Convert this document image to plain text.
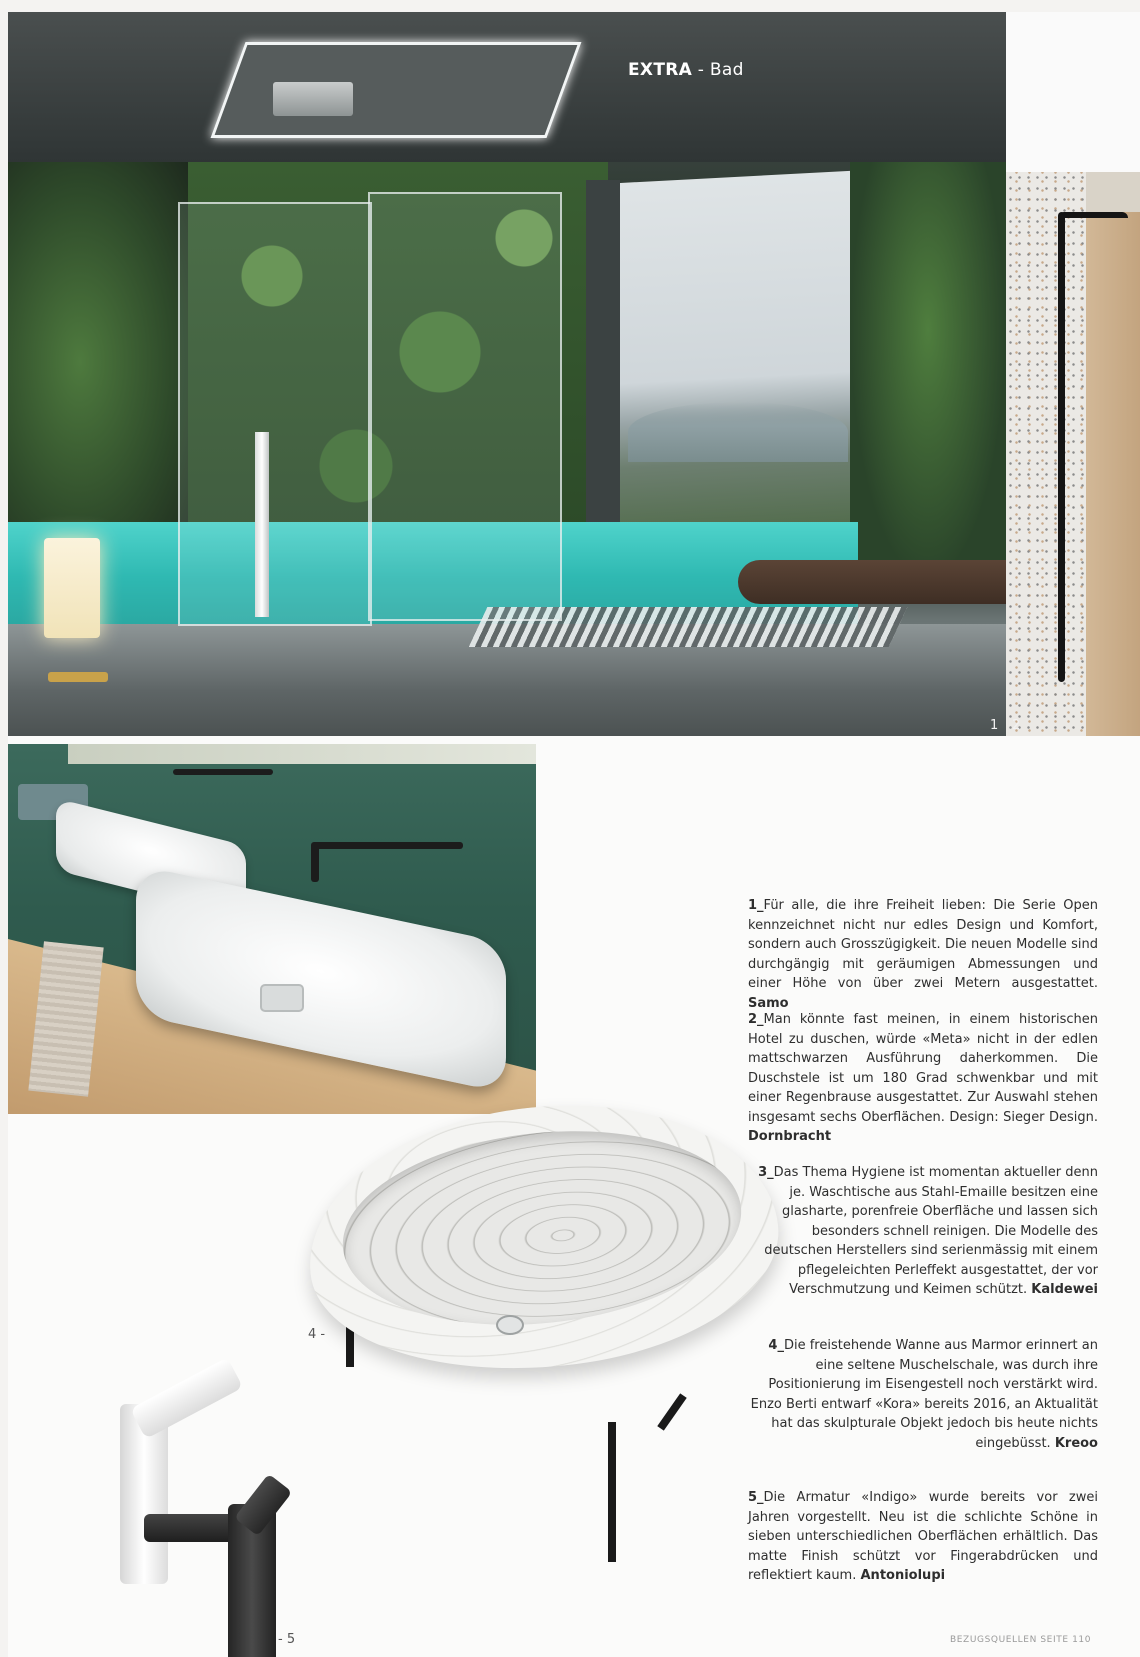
EXTRA - Bad
1 2
4 -
- 5

1_Für alle, die ihre Freiheit lieben: Die Serie Open kennzeichnet nicht nur edles Design und Komfort, sondern auch Grosszügigkeit. Die neuen Modelle sind durchgängig mit geräumigen Abmessungen und einer Höhe von über zwei Metern ausgestattet. Samo

2_Man könnte fast meinen, in einem historischen Hotel zu duschen, würde «Meta» nicht in der edlen mattschwarzen Ausführung daherkommen. Die Duschstele ist um 180 Grad schwenkbar und mit einer Regenbrause ausgestattet. Zur Auswahl stehen insgesamt sechs Oberflächen. Design: Sieger Design. Dornbracht

3_Das Thema Hygiene ist momentan aktueller denn je. Waschtische aus Stahl-Emaille besitzen eine glasharte, porenfreie Oberfläche und lassen sich besonders schnell reinigen. Die Modelle des deutschen Herstellers sind serienmässig mit einem pflegeleichten Perleffekt ausgestattet, der vor Verschmutzung und Keimen schützt. Kaldewei

4_Die freistehende Wanne aus Marmor erinnert an eine seltene Muschelschale, was durch ihre Positionierung im Eisengestell noch verstärkt wird. Enzo Berti entwarf «Kora» bereits 2016, an Aktualität hat das skulpturale Objekt jedoch bis heute nichts eingebüsst. Kreoo

5_Die Armatur «Indigo» wurde bereits vor zwei Jahren vorgestellt. Neu ist die schlichte Schöne in sieben unterschiedlichen Oberflächen erhältlich. Das matte Finish schützt vor Fingerabdrücken und reflektiert kaum. Antoniolupi

BEZUGSQUELLEN SEITE 110
